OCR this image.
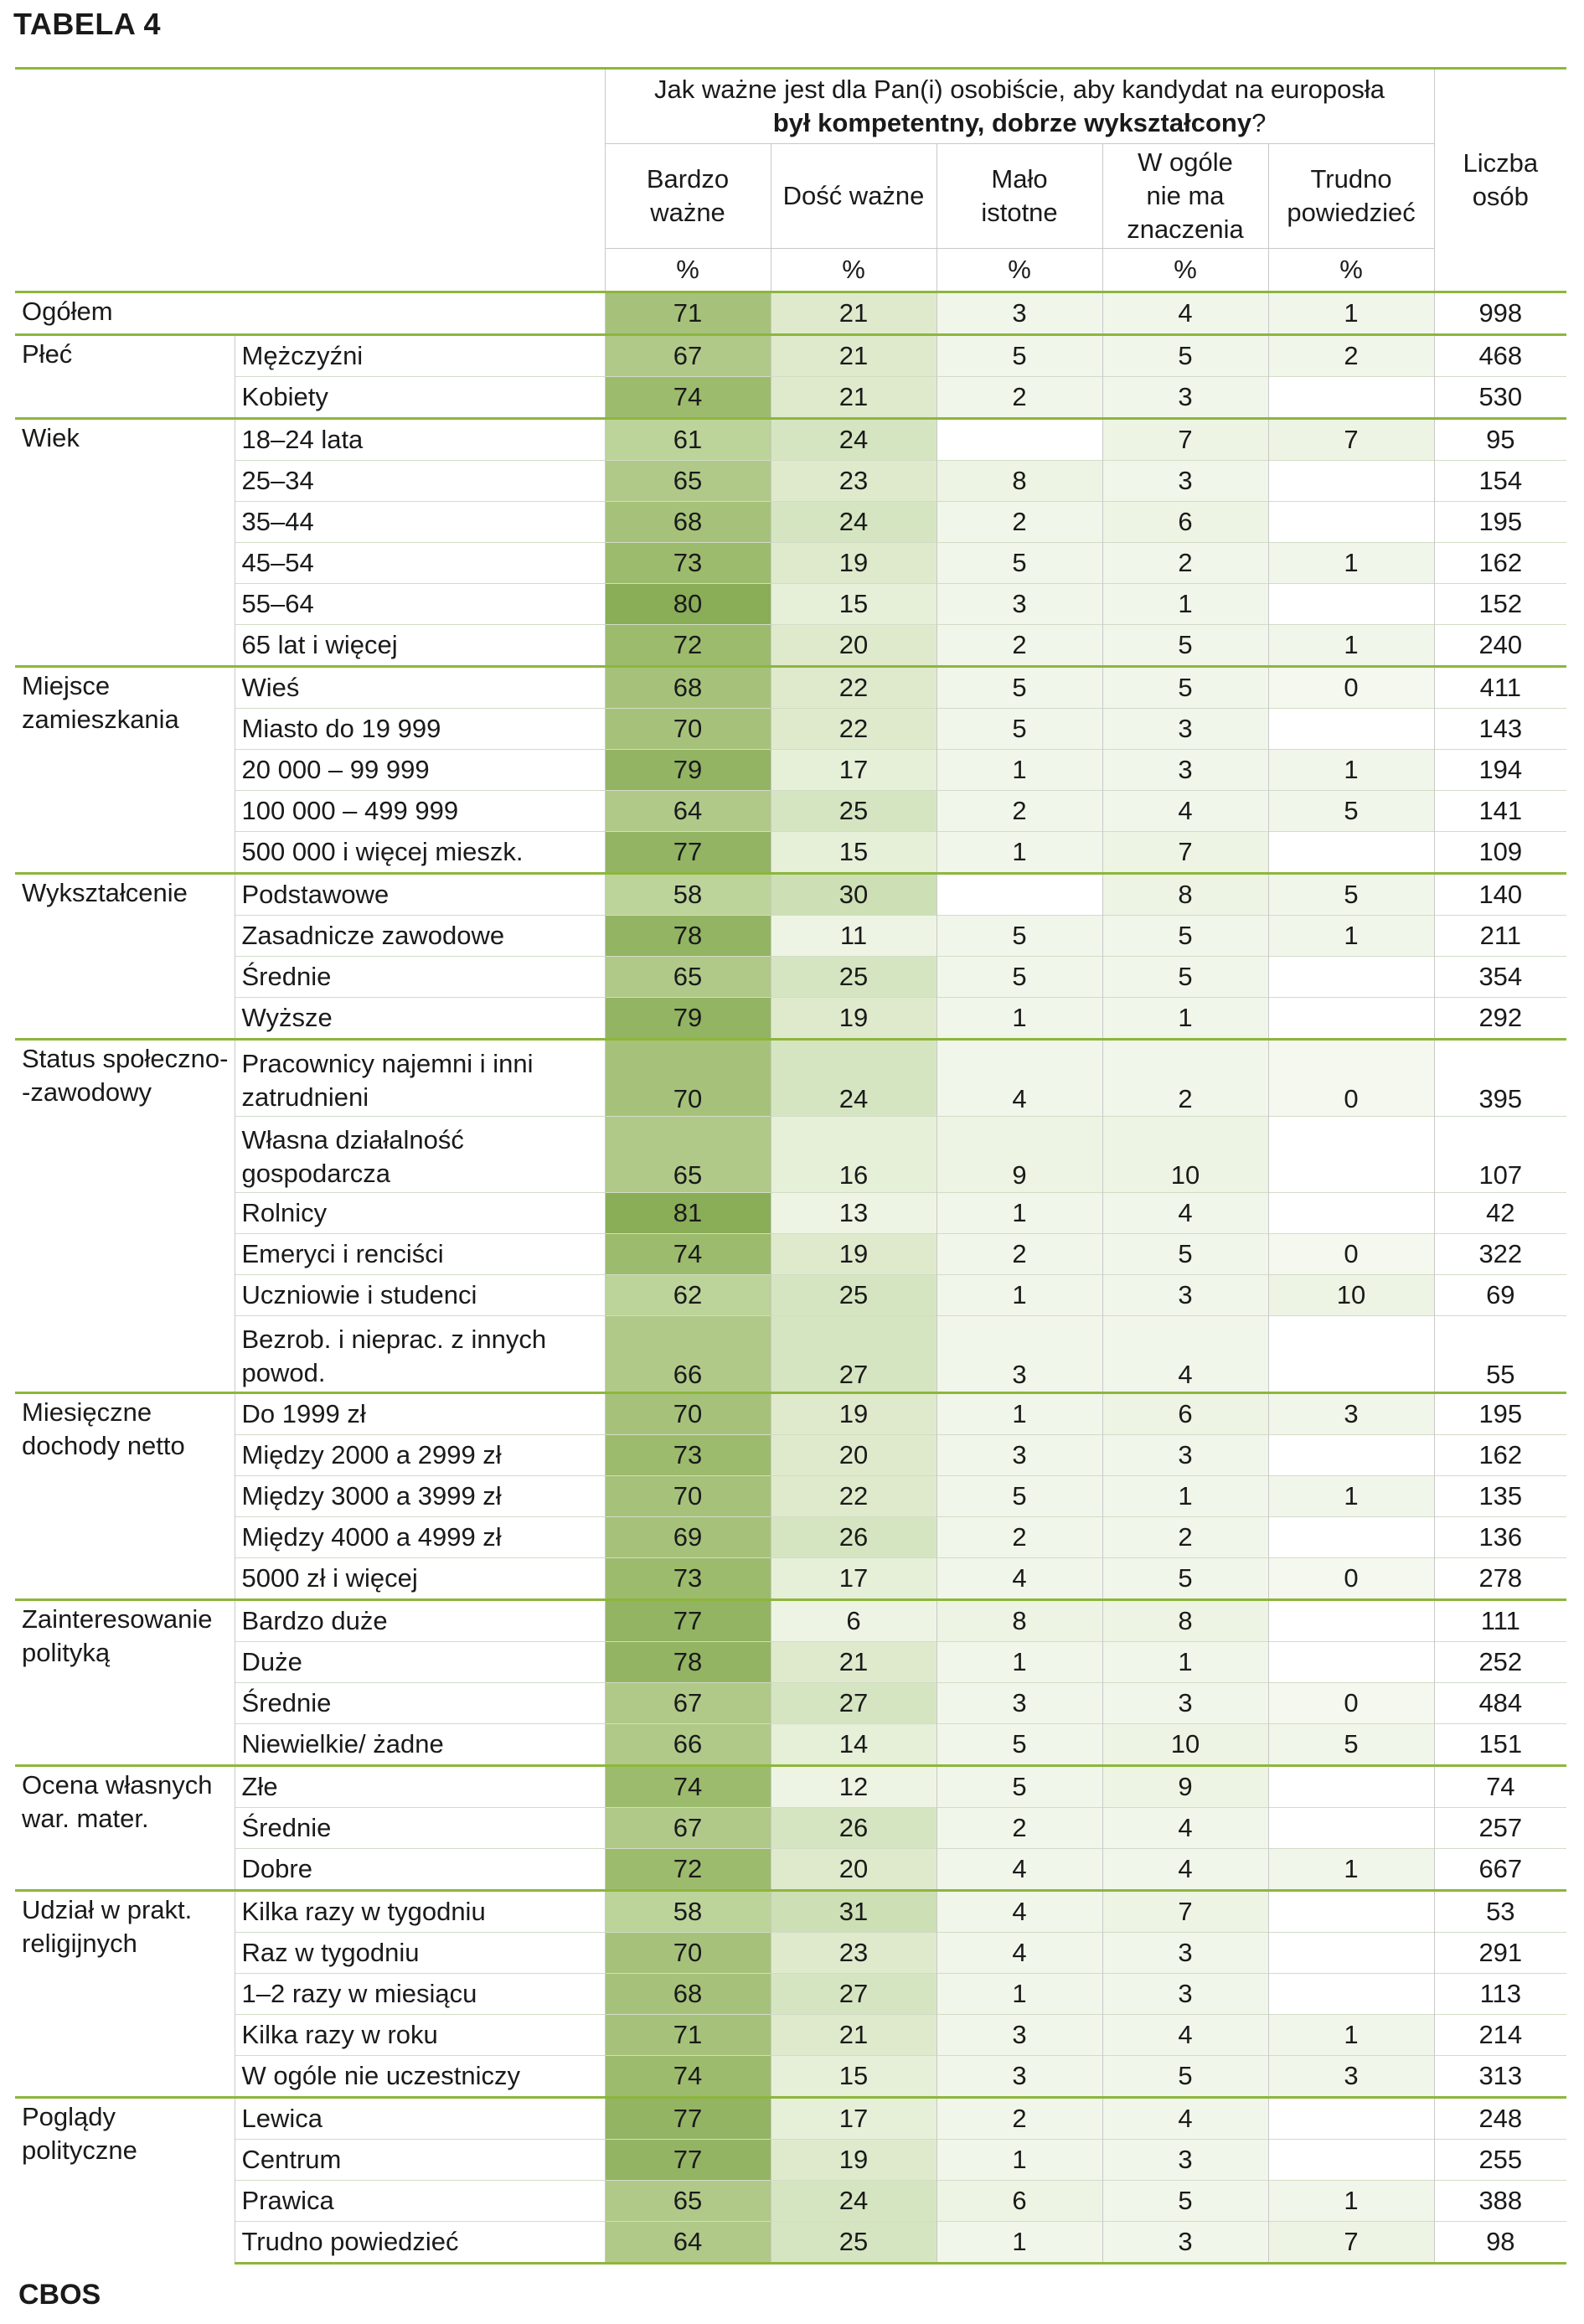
TABELA 4
		Jak ważne jest dla Pan(i) osobiście, aby kandydat na europosła
był kompetentny, dobrze wykształcony?					Liczba osób
		Bardzo ważne	Dość ważne	Mało istotne	W ogóle nie ma znaczenia	Trudno powiedzieć	
		%	%	%	%	%	
Ogółem		71	21	3	4	1	998
Płeć	Mężczyźni	67	21	5	5	2	468
	Kobiety	74	21	2	3		530
Wiek	18–24 lata	61	24		7	7	95
	25–34	65	23	8	3		154
	35–44	68	24	2	6		195
	45–54	73	19	5	2	1	162
	55–64	80	15	3	1		152
	65 lat i więcej	72	20	2	5	1	240
Miejsce zamieszkania	Wieś	68	22	5	5	0	411
	Miasto do 19 999	70	22	5	3		143
	20 000 – 99 999	79	17	1	3	1	194
	100 000 – 499 999	64	25	2	4	5	141
	500 000 i więcej mieszk.	77	15	1	7		109
Wykształcenie	Podstawowe	58	30		8	5	140
	Zasadnicze zawodowe	78	11	5	5	1	211
	Średnie	65	25	5	5		354
	Wyższe	79	19	1	1		292
Status społeczno- -zawodowy	Pracownicy najemni i inni zatrudnieni	70	24	4	2	0	395
	Własna działalność gospodarcza	65	16	9	10		107
	Rolnicy	81	13	1	4		42
	Emeryci i renciści	74	19	2	5	0	322
	Uczniowie i studenci	62	25	1	3	10	69
	Bezrob. i nieprac. z innych powod.	66	27	3	4		55
Miesięczne dochody netto	Do 1999 zł	70	19	1	6	3	195
	Między 2000 a 2999 zł	73	20	3	3		162
	Między 3000 a 3999 zł	70	22	5	1	1	135
	Między 4000 a 4999 zł	69	26	2	2		136
	5000 zł i więcej	73	17	4	5	0	278
Zainteresowanie polityką	Bardzo duże	77	6	8	8		111
	Duże	78	21	1	1		252
	Średnie	67	27	3	3	0	484
	Niewielkie/ żadne	66	14	5	10	5	151
Ocena własnych war. mater.	Złe	74	12	5	9		74
	Średnie	67	26	2	4		257
	Dobre	72	20	4	4	1	667
Udział w prakt. religijnych	Kilka razy w tygodniu	58	31	4	7		53
	Raz w tygodniu	70	23	4	3		291
	1–2 razy w miesiącu	68	27	1	3		113
	Kilka razy w roku	71	21	3	4	1	214
	W ogóle nie uczestniczy	74	15	3	5	3	313
Poglądy polityczne	Lewica	77	17	2	4		248
	Centrum	77	19	1	3		255
	Prawica	65	24	6	5	1	388
	Trudno powiedzieć	64	25	1	3	7	98
CBOS
